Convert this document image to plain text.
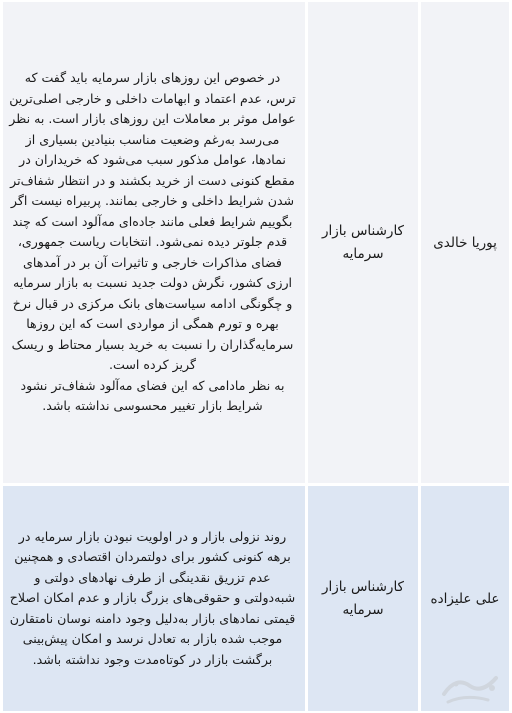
پوریا خالدی
کارشناس بازار سرمایه

در خصوص این روزهای بازار سرمایه باید گفت که ترس، عدم اعتماد و ابهامات داخلی و خارجی اصلی‌ترین عوامل موثر بر معاملات این روزهای بازار است. به نظر می‌رسد به‌رغم وضعیت مناسب بنیادین بسیاری از نمادها، عوامل مذکور سبب می‌شود که خریداران در مقطع کنونی دست از خرید بکشند و در انتظار شفاف‌تر شدن شرایط داخلی و خارجی بمانند. پربیراه نیست اگر بگوییم شرایط فعلی مانند جاده‌ای مه‌آلود است که چند قدم جلوتر دیده نمی‌شود. انتخابات ریاست جمهوری، فضای مذاکرات خارجی و تاثیرات آن بر در آمدهای ارزی کشور، نگرش دولت جدید نسبت به بازار سرمایه و چگونگی ادامه سیاست‌های بانک مرکزی در قبال نرخ بهره و تورم همگی از مواردی است که این روزها سرمایه‌گذاران را نسبت به خرید بسیار محتاط و ریسک گریز کرده است.

به نظر مادامی که این فضای مه‌آلود شفاف‌تر نشود شرایط بازار تغییر محسوسی نداشته باشد.

علی علیزاده
کارشناس بازار سرمایه

روند نزولی بازار و در اولویت نبودن بازار سرمایه در برهه کنونی کشور برای دولتمردان اقتصادی و همچنین عدم تزریق نقدینگی از طرف نهادهای دولتی و شبه‌دولتی و حقوقی‌های بزرگ بازار و عدم امکان اصلاح قیمتی نمادهای بازار به‌دلیل وجود دامنه نوسان نامتقارن موجب شده بازار به تعادل نرسد و امکان پیش‌بینی برگشت بازار در کوتاه‌مدت وجود نداشته باشد.
